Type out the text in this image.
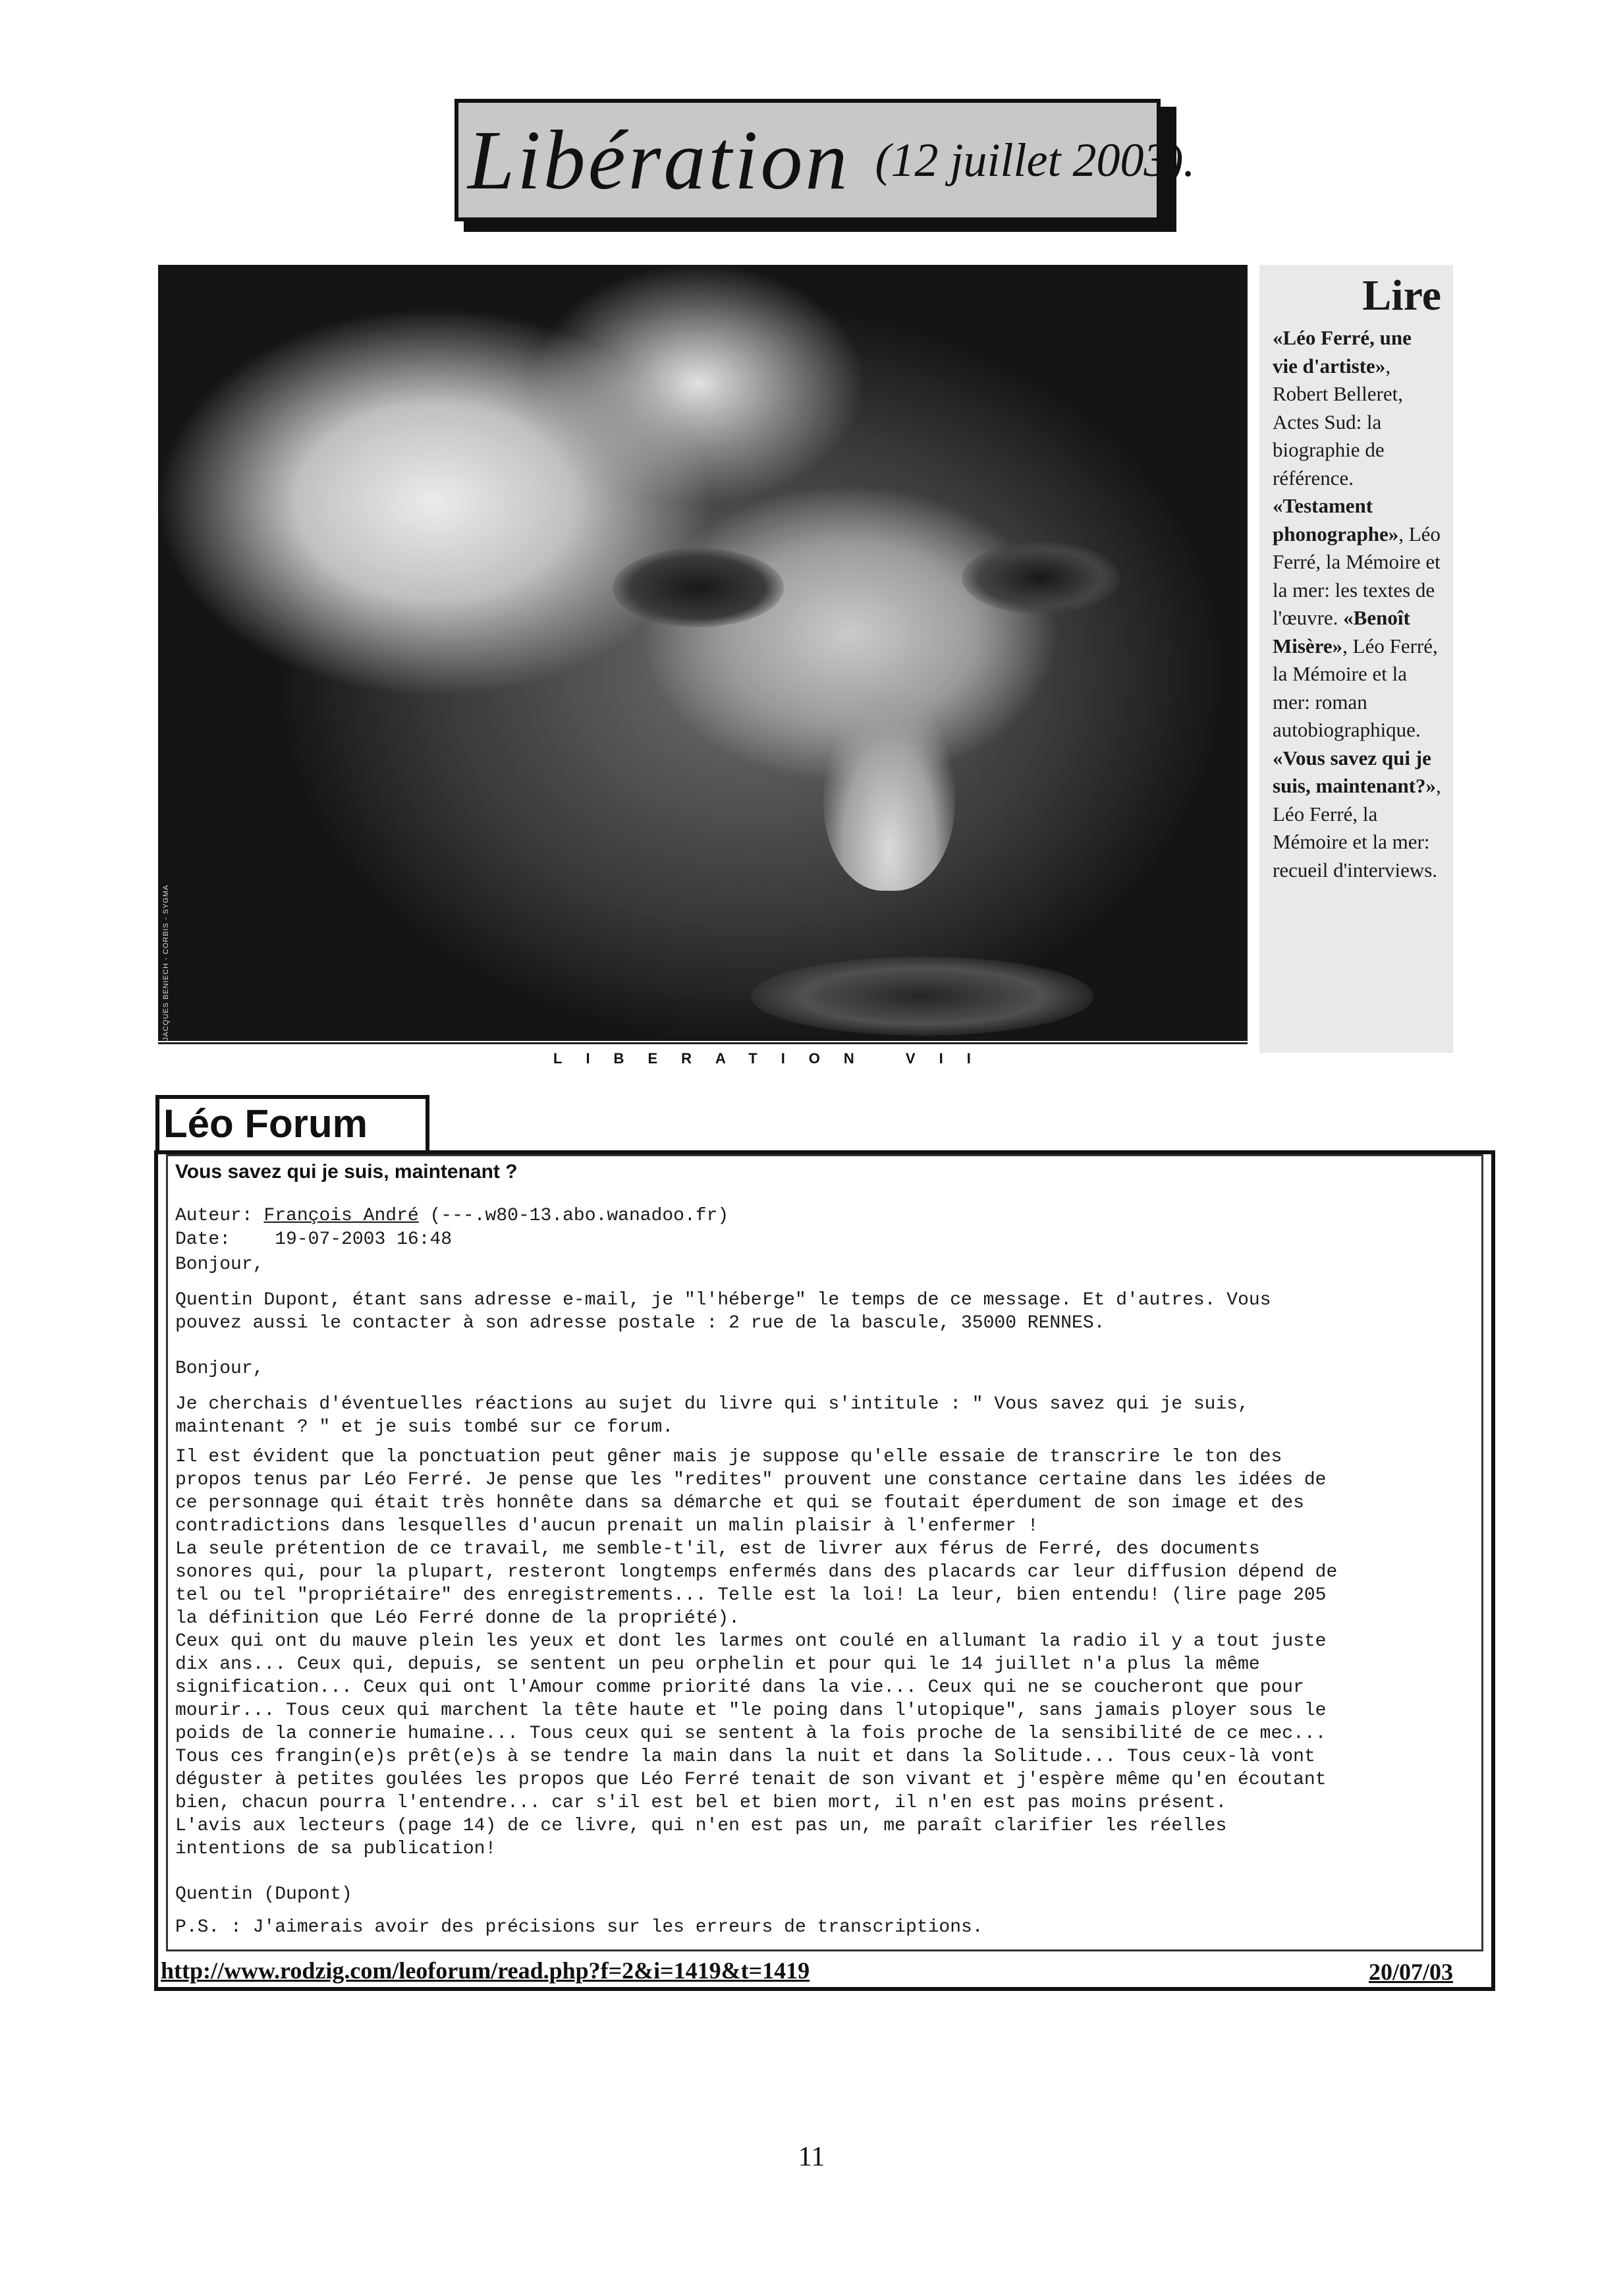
Libération (12 juillet 2003).
JACQUES BENIECH - CORBIS - SYGMA
LIBERATION VII
Lire
«Léo Ferré, une vie d'artiste», Robert Belleret, Actes Sud: la biographie de référence. «Testament phonographe», Léo Ferré, la Mémoire et la mer: les textes de l'œuvre. «Benoît Misère», Léo Ferré, la Mémoire et la mer: roman autobiographique. «Vous savez qui je suis, maintenant?», Léo Ferré, la Mémoire et la mer: recueil d'interviews.
Léo Forum
Vous savez qui je suis, maintenant ?
Auteur: François André (---.w80-13.abo.wanadoo.fr)
Date: 19-07-2003 16:48
Bonjour,
Quentin Dupont, étant sans adresse e-mail, je "l'héberge" le temps de ce message. Et d'autres. Vous
pouvez aussi le contacter à son adresse postale : 2 rue de la bascule, 35000 RENNES.
Bonjour,
Je cherchais d'éventuelles réactions au sujet du livre qui s'intitule : " Vous savez qui je suis,
maintenant ? " et je suis tombé sur ce forum.
Il est évident que la ponctuation peut gêner mais je suppose qu'elle essaie de transcrire le ton des
propos tenus par Léo Ferré. Je pense que les "redites" prouvent une constance certaine dans les idées de
ce personnage qui était très honnête dans sa démarche et qui se foutait éperdument de son image et des
contradictions dans lesquelles d'aucun prenait un malin plaisir à l'enfermer !
La seule prétention de ce travail, me semble-t'il, est de livrer aux férus de Ferré, des documents
sonores qui, pour la plupart, resteront longtemps enfermés dans des placards car leur diffusion dépend de
tel ou tel "propriétaire" des enregistrements... Telle est la loi! La leur, bien entendu! (lire page 205
la définition que Léo Ferré donne de la propriété).
Ceux qui ont du mauve plein les yeux et dont les larmes ont coulé en allumant la radio il y a tout juste
dix ans... Ceux qui, depuis, se sentent un peu orphelin et pour qui le 14 juillet n'a plus la même
signification... Ceux qui ont l'Amour comme priorité dans la vie... Ceux qui ne se coucheront que pour
mourir... Tous ceux qui marchent la tête haute et "le poing dans l'utopique", sans jamais ployer sous le
poids de la connerie humaine... Tous ceux qui se sentent à la fois proche de la sensibilité de ce mec...
Tous ces frangin(e)s prêt(e)s à se tendre la main dans la nuit et dans la Solitude... Tous ceux-là vont
déguster à petites goulées les propos que Léo Ferré tenait de son vivant et j'espère même qu'en écoutant
bien, chacun pourra l'entendre... car s'il est bel et bien mort, il n'en est pas moins présent.
L'avis aux lecteurs (page 14) de ce livre, qui n'en est pas un, me paraît clarifier les réelles
intentions de sa publication!
Quentin (Dupont)
P.S. : J'aimerais avoir des précisions sur les erreurs de transcriptions.
http://www.rodzig.com/leoforum/read.php?f=2&i=1419&t=1419	20/07/03
11
